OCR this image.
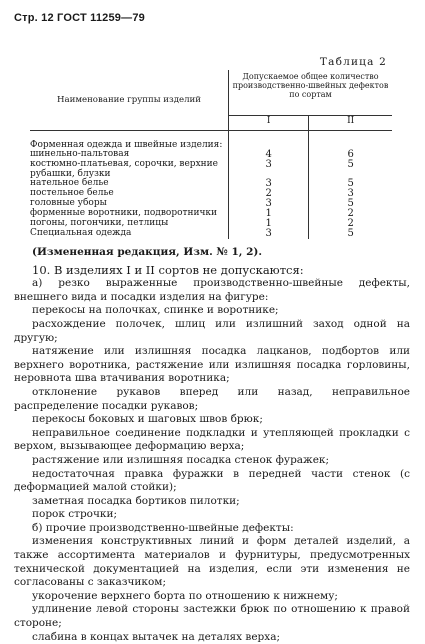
Стр. 12 ГОСТ 11259—79
Таблица 2
Наименование группы изделий	Допускаемое общее количество производственно-швейных дефектов по сортам	
	I	II

Форменная одежда и швейные изделия:		
шинельно-пальтовая	4	6
костюмно-платьевая, сорочки, верхние рубашки, блузки	3	5
нательное белье	3	5
постельное белье	2	3
головные уборы	3	5
форменные воротники, подворотнички	1	2
погоны, погончики, петлицы	1	2
Специальная одежда	3	5

(Измененная редакция, Изм. № 1, 2).

10. В изделиях I и II сортов не допускаются:

а) резко выраженные производственно-швейные дефекты, внешнего вида и посадки изделия на фигуре:

перекосы на полочках, спинке и воротнике;

расхождение полочек, шлиц или излишний заход одной на другую;

натяжение или излишняя посадка лацканов, подбортов или верхнего воротника, растяжение или излишняя посадка горловины, неровнота шва втачивания воротника;

отклонение рукавов вперед или назад, неправильное распределение посадки рукавов;

перекосы боковых и шаговых швов брюк;

неправильное соединение подкладки и утепляющей прокладки с верхом, вызывающее деформацию верха;

растяжение или излишняя посадка стенок фуражек;

недостаточная правка фуражки в передней части стенок (с деформацией малой стойки);

заметная посадка бортиков пилотки;

порок строчки;

б) прочие производственно-швейные дефекты:

изменения конструктивных линий и форм деталей изделий, а также ассортимента материалов и фурнитуры, предусмотренных технической документацией на изделия, если эти изменения не согласованы с заказчиком;

укорочение верхнего борта по отношению к нижнему;

удлинение левой стороны застежки брюк по отношению к правой стороне;

слабина в концах вытачек на деталях верха;
